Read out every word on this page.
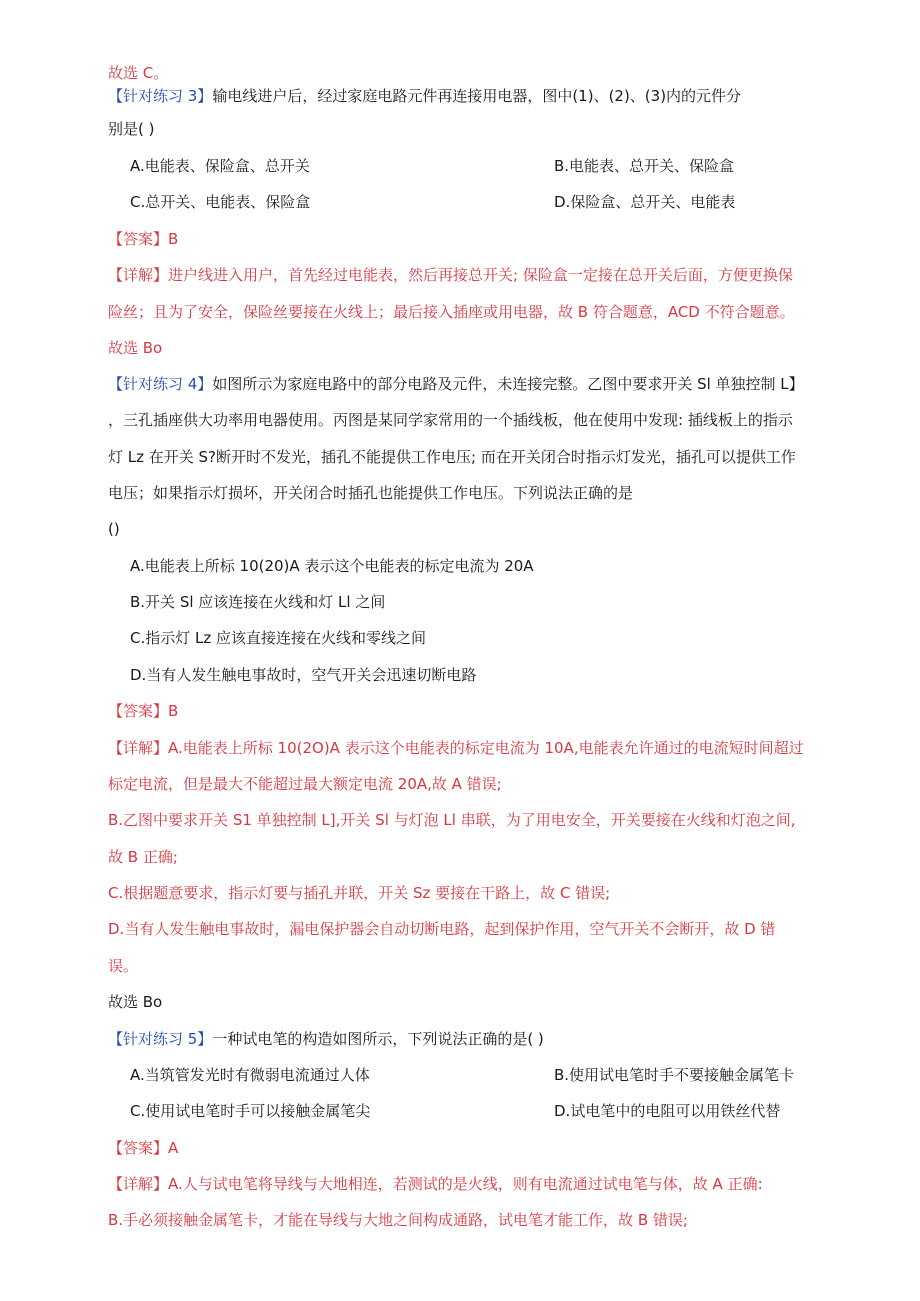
故选 C。
【针对练习 3】输电线进户后，经过家庭电路元件再连接用电器，图中(1)、(2)、(3)内的元件分
别是( )
A.电能表、保险盒、总开关	B.电能表、总开关、保险盒
C.总开关、电能表、保险盒	D.保险盒、总开关、电能表
【答案】B
【详解】进户线进入用户，首先经过电能表，然后再接总开关; 保险盒一定接在总开关后面，方便更换保
险丝；且为了安全，保险丝要接在火线上；最后接入插座或用电器，故 B 符合题意，ACD 不符合题意。
故选 Bo
【针对练习 4】如图所示为家庭电路中的部分电路及元件，未连接完整。乙图中要求开关 Sl 单独控制 L】
，三孔插座供大功率用电器使用。丙图是某同学家常用的一个插线板，他在使用中发现: 插线板上的指示
灯 Lz 在开关 S?断开时不发光，插孔不能提供工作电压; 而在开关闭合时指示灯发光，插孔可以提供工作
电压；如果指示灯损坏，开关闭合时插孔也能提供工作电压。下列说法正确的是
()
A.电能表上所标 10(20)A 表示这个电能表的标定电流为 20A
B.开关 Sl 应该连接在火线和灯 Ll 之间
C.指示灯 Lz 应该直接连接在火线和零线之间
D.当有人发生触电事故时，空气开关会迅速切断电路
【答案】B
【详解】A.电能表上所标 10(2O)A 表示这个电能表的标定电流为 10A,电能表允许通过的电流短时间超过
标定电流，但是最大不能超过最大额定电流 20A,故 A 错误;
B.乙图中要求开关 S1 单独控制 L],开关 Sl 与灯泡 Ll 串联，为了用电安全，开关要接在火线和灯泡之间,
故 B 正确;
C.根据题意要求，指示灯要与插孔并联，开关 Sz 要接在干路上，故 C 错误;
D.当有人发生触电事故时，漏电保护器会自动切断电路，起到保护作用，空气开关不会断开，故 D 错
误。
故选 Bo
【针对练习 5】一种试电笔的构造如图所示，下列说法正确的是( )
A.当筑管发光时有微弱电流通过人体	B.使用试电笔时手不要接触金属笔卡
C.使用试电笔时手可以接触金属笔尖	D.试电笔中的电阻可以用铁丝代替
【答案】A
【详解】A.人与试电笔将导线与大地相连，若测试的是火线，则有电流通过试电笔与体，故 A 正确:
B.手必须接触金属笔卡，才能在导线与大地之间构成通路，试电笔才能工作，故 B 错误;
